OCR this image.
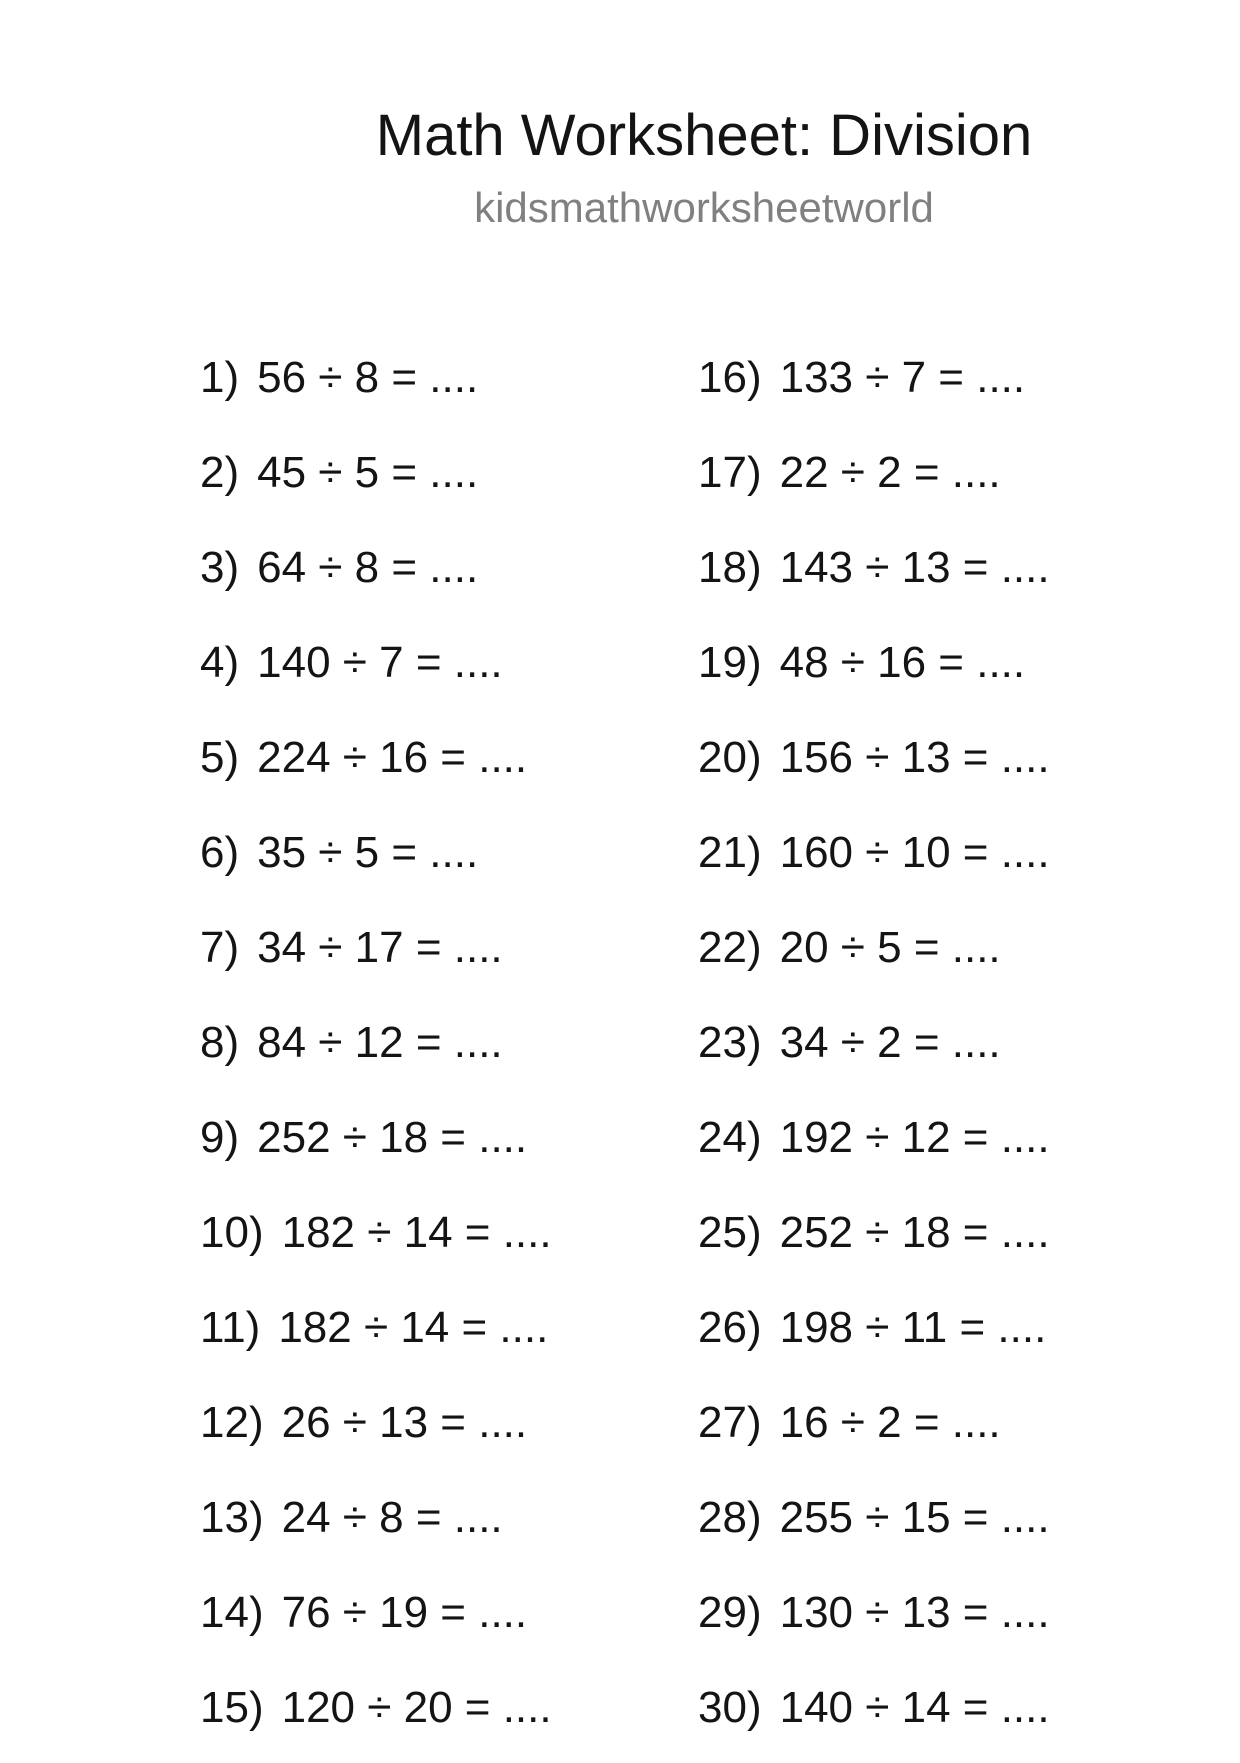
Math Worksheet: Division
kidsmathworksheetworld
1) 56 ÷ 8 = ....
2) 45 ÷ 5 = ....
3) 64 ÷ 8 = ....
4) 140 ÷ 7 = ....
5) 224 ÷ 16 = ....
6) 35 ÷ 5 = ....
7) 34 ÷ 17 = ....
8) 84 ÷ 12 = ....
9) 252 ÷ 18 = ....
10) 182 ÷ 14 = ....
11) 182 ÷ 14 = ....
12) 26 ÷ 13 = ....
13) 24 ÷ 8 = ....
14) 76 ÷ 19 = ....
15) 120 ÷ 20 = ....
16) 133 ÷ 7 = ....
17) 22 ÷ 2 = ....
18) 143 ÷ 13 = ....
19) 48 ÷ 16 = ....
20) 156 ÷ 13 = ....
21) 160 ÷ 10 = ....
22) 20 ÷ 5 = ....
23) 34 ÷ 2 = ....
24) 192 ÷ 12 = ....
25) 252 ÷ 18 = ....
26) 198 ÷ 11 = ....
27) 16 ÷ 2 = ....
28) 255 ÷ 15 = ....
29) 130 ÷ 13 = ....
30) 140 ÷ 14 = ....
